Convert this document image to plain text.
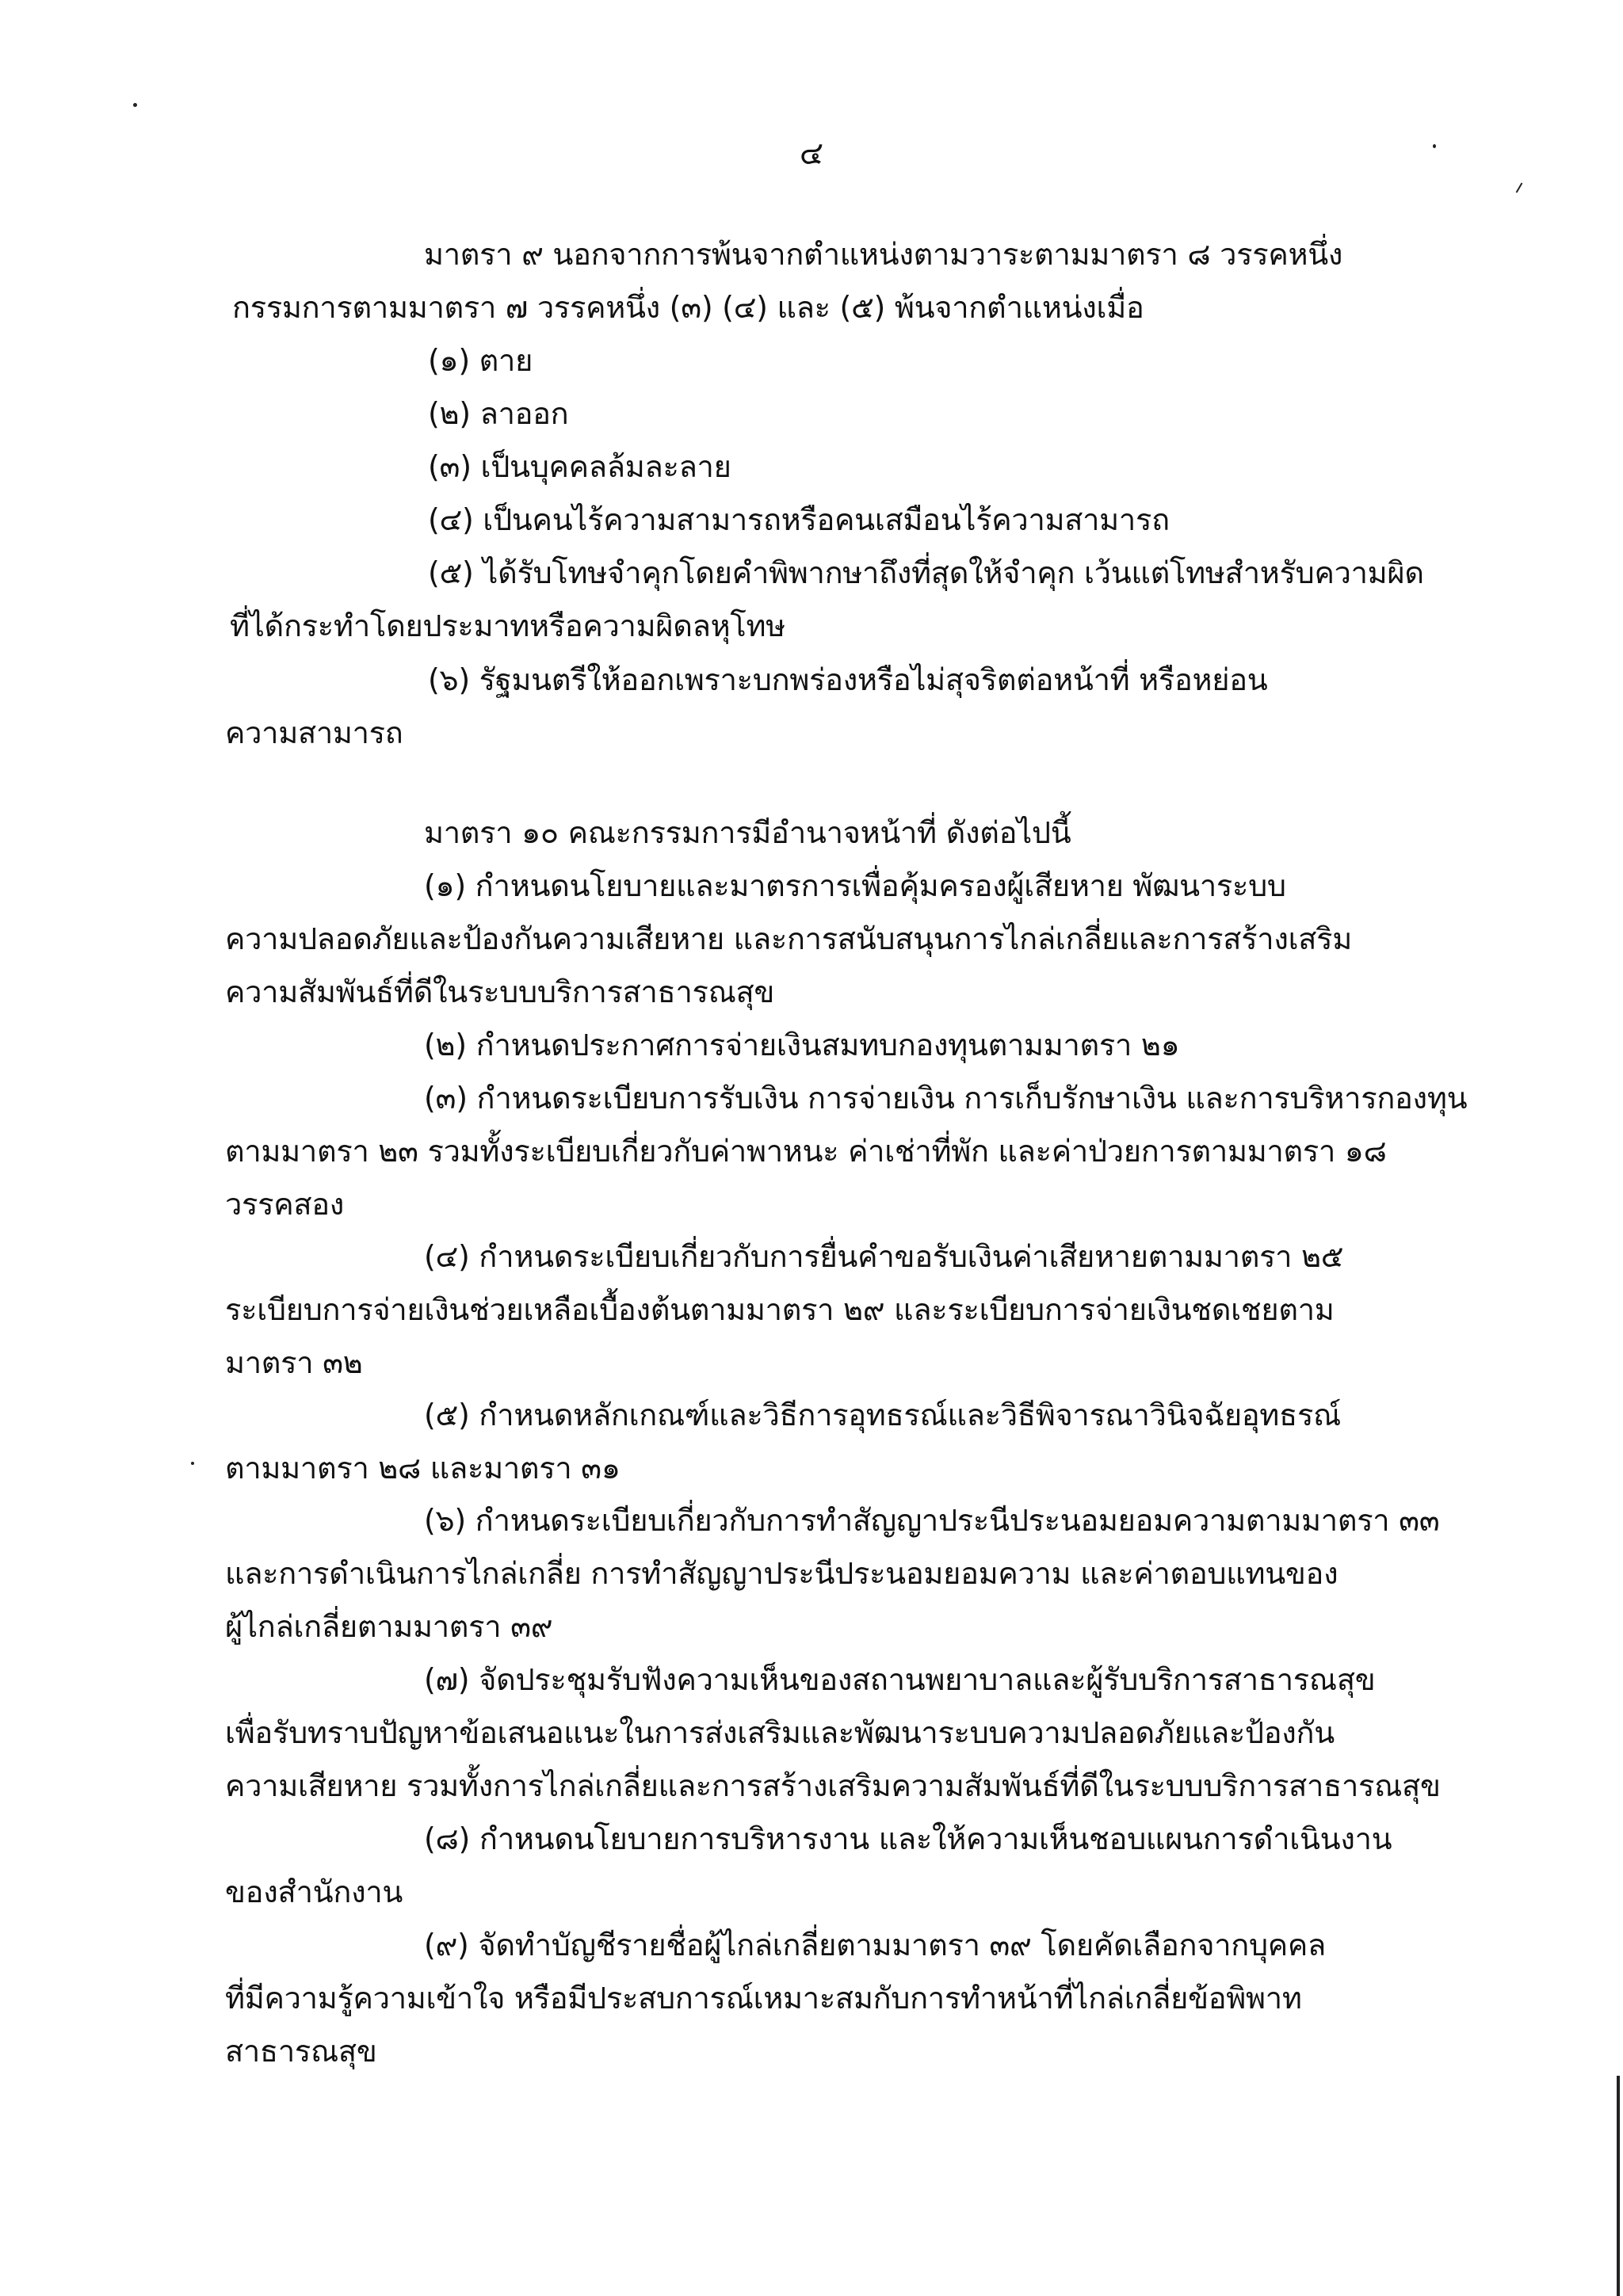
๔
มาตรา ๙ นอกจากการพ้นจากตำแหน่งตามวาระตามมาตรา ๘ วรรคหนึ่ง
กรรมการตามมาตรา ๗ วรรคหนึ่ง (๓) (๔) และ (๕) พ้นจากตำแหน่งเมื่อ
(๑) ตาย
(๒) ลาออก
(๓) เป็นบุคคลล้มละลาย
(๔) เป็นคนไร้ความสามารถหรือคนเสมือนไร้ความสามารถ
(๕) ได้รับโทษจำคุกโดยคำพิพากษาถึงที่สุดให้จำคุก เว้นแต่โทษสำหรับความผิด
ที่ได้กระทำโดยประมาทหรือความผิดลหุโทษ
(๖) รัฐมนตรีให้ออกเพราะบกพร่องหรือไม่สุจริตต่อหน้าที่ หรือหย่อน
ความสามารถ
มาตรา ๑๐ คณะกรรมการมีอำนาจหน้าที่ ดังต่อไปนี้
(๑) กำหนดนโยบายและมาตรการเพื่อคุ้มครองผู้เสียหาย พัฒนาระบบ
ความปลอดภัยและป้องกันความเสียหาย และการสนับสนุนการไกล่เกลี่ยและการสร้างเสริม
ความสัมพันธ์ที่ดีในระบบบริการสาธารณสุข
(๒) กำหนดประกาศการจ่ายเงินสมทบกองทุนตามมาตรา ๒๑
(๓) กำหนดระเบียบการรับเงิน การจ่ายเงิน การเก็บรักษาเงิน และการบริหารกองทุน
ตามมาตรา ๒๓ รวมทั้งระเบียบเกี่ยวกับค่าพาหนะ ค่าเช่าที่พัก และค่าป่วยการตามมาตรา ๑๘
วรรคสอง
(๔) กำหนดระเบียบเกี่ยวกับการยื่นคำขอรับเงินค่าเสียหายตามมาตรา ๒๕
ระเบียบการจ่ายเงินช่วยเหลือเบื้องต้นตามมาตรา ๒๙ และระเบียบการจ่ายเงินชดเชยตาม
มาตรา ๓๒
(๕) กำหนดหลักเกณฑ์และวิธีการอุทธรณ์และวิธีพิจารณาวินิจฉัยอุทธรณ์
ตามมาตรา ๒๘ และมาตรา ๓๑
(๖) กำหนดระเบียบเกี่ยวกับการทำสัญญาประนีประนอมยอมความตามมาตรา ๓๓
และการดำเนินการไกล่เกลี่ย การทำสัญญาประนีประนอมยอมความ และค่าตอบแทนของ
ผู้ไกล่เกลี่ยตามมาตรา ๓๙
(๗) จัดประชุมรับฟังความเห็นของสถานพยาบาลและผู้รับบริการสาธารณสุข
เพื่อรับทราบปัญหาข้อเสนอแนะในการส่งเสริมและพัฒนาระบบความปลอดภัยและป้องกัน
ความเสียหาย รวมทั้งการไกล่เกลี่ยและการสร้างเสริมความสัมพันธ์ที่ดีในระบบบริการสาธารณสุข
(๘) กำหนดนโยบายการบริหารงาน และให้ความเห็นชอบแผนการดำเนินงาน
ของสำนักงาน
(๙) จัดทำบัญชีรายชื่อผู้ไกล่เกลี่ยตามมาตรา ๓๙ โดยคัดเลือกจากบุคคล
ที่มีความรู้ความเข้าใจ หรือมีประสบการณ์เหมาะสมกับการทำหน้าที่ไกล่เกลี่ยข้อพิพาท
สาธารณสุข
